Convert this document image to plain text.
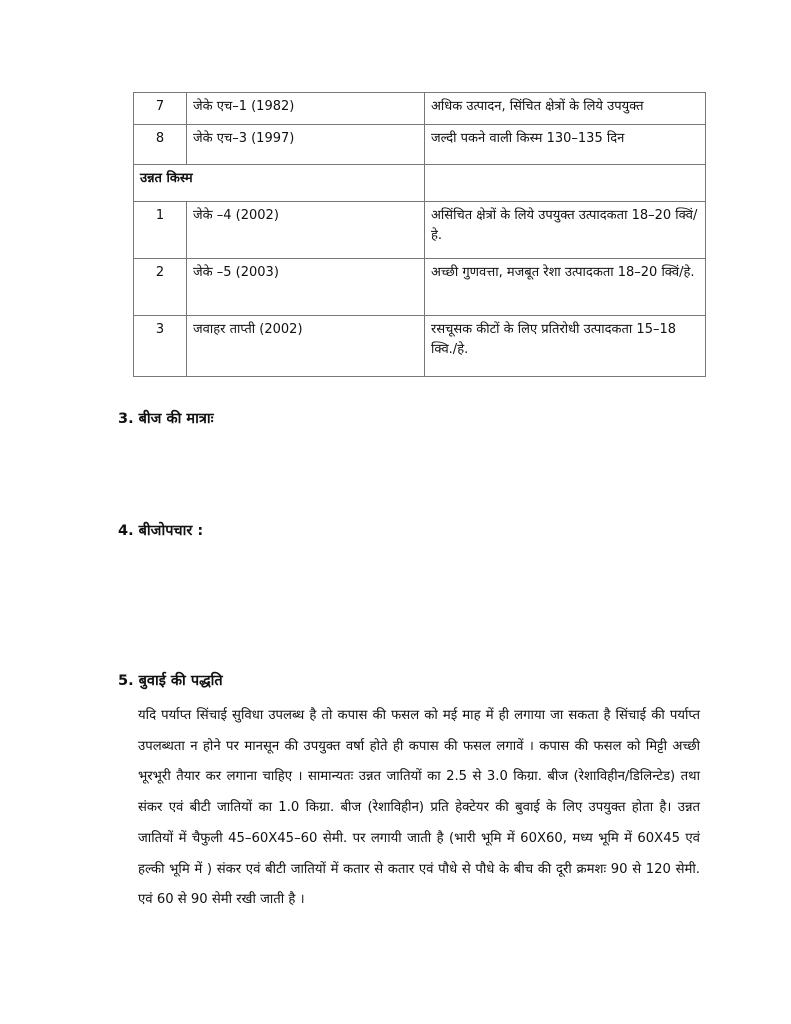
7	जेके एच–1 (1982)	अधिक उत्पादन, सिंचित क्षेत्रों के लिये उपयुक्त
8	जेके एच–3 (1997)	जल्दी पकने वाली किस्म 130–135 दिन
उन्नत किस्म		
1	जेके –4 (2002)	असिंचित क्षेत्रों के लिये उपयुक्त उत्पादकता 18–20 क्विं/हे.
2	जेके –5 (2003)	अच्छी गुणवत्ता, मजबूत रेशा उत्पादकता 18–20 क्विं/हे.
3	जवाहर ताप्ती (2002)	रसचूसक कीटों के लिए प्रतिरोधी उत्पादकता 15–18 क्वि./हे.
3. बीज की मात्राः
4. बीजोपचार :
5. बुवाई की पद्धति

यदि पर्याप्त सिंचाई सुविधा उपलब्ध है तो कपास की फसल को मई माह में ही लगाया जा सकता है सिंचाई की पर्याप्त उपलब्धता न होने पर मानसून की उपयुक्त वर्षा होते ही कपास की फसल लगावें । कपास की फसल को मिट्टी अच्छी भूरभूरी तैयार कर लगाना चाहिए । सामान्यतः उन्नत जातियों का 2.5 से 3.0 किग्रा. बीज (रेशाविहीन/डिलिन्टेड) तथा संकर एवं बीटी जातियों का 1.0 किग्रा. बीज (रेशाविहीन) प्रति हेक्टेयर की बुवाई के लिए उपयुक्त होता है। उन्नत जातियों में चैफुली 45–60X45–60 सेमी. पर लगायी जाती है (भारी भूमि में 60X60, मध्य भूमि में 60X45 एवं हल्की भूमि में ) संकर एवं बीटी जातियों में कतार से कतार एवं पौधे से पौधे के बीच की दूरी क्रमशः 90 से 120 सेमी. एवं 60 से 90 सेमी रखी जाती है ।
